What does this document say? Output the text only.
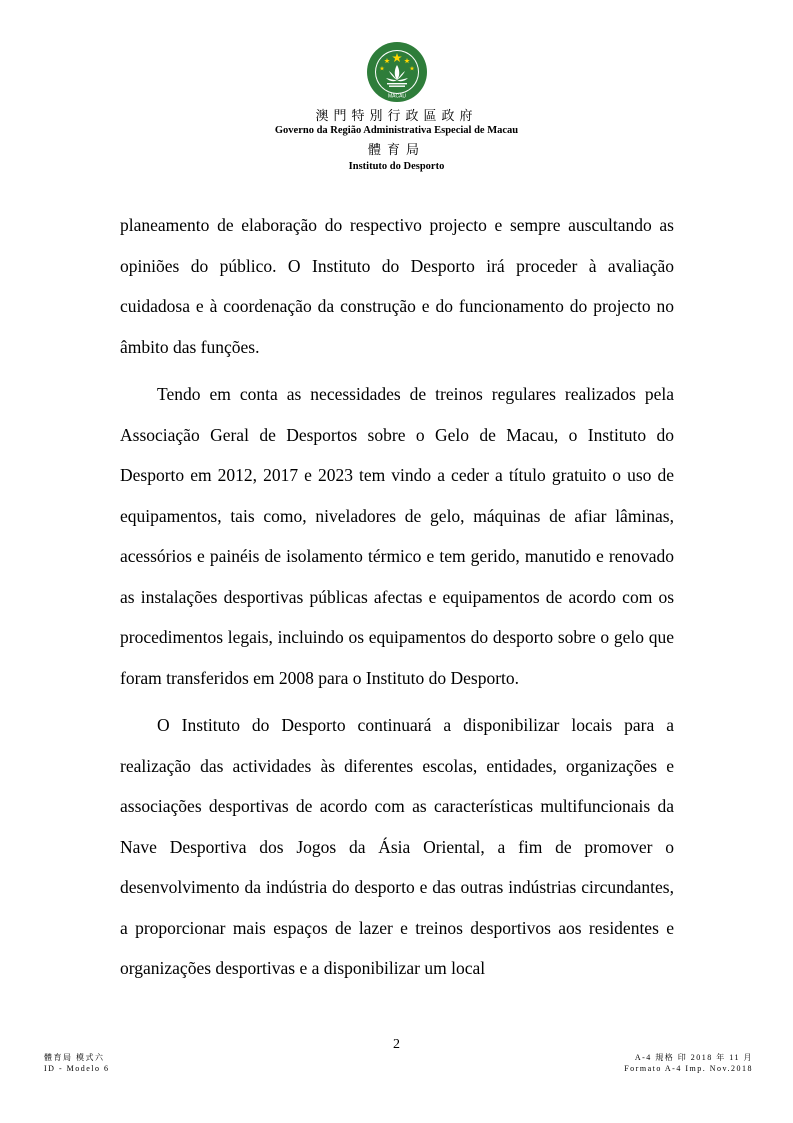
MACAU
澳門特別行政區政府
Governo da Região Administrativa Especial de Macau
體育局
Instituto do Desporto

planeamento de elaboração do respectivo projecto e sempre auscultando as opiniões do público. O Instituto do Desporto irá proceder à avaliação cuidadosa e à coordenação da construção e do funcionamento do projecto no âmbito das funções.

Tendo em conta as necessidades de treinos regulares realizados pela Associação Geral de Desportos sobre o Gelo de Macau, o Instituto do Desporto em 2012, 2017 e 2023 tem vindo a ceder a título gratuito o uso de equipamentos, tais como, niveladores de gelo, máquinas de afiar lâminas, acessórios e painéis de isolamento térmico e tem gerido, manutido e renovado as instalações desportivas públicas afectas e equipamentos de acordo com os procedimentos legais, incluindo os equipamentos do desporto sobre o gelo que foram transferidos em 2008 para o Instituto do Desporto.

O Instituto do Desporto continuará a disponibilizar locais para a realização das actividades às diferentes escolas, entidades, organizações e associações desportivas de acordo com as características multifuncionais da Nave Desportiva dos Jogos da Ásia Oriental, a fim de promover o desenvolvimento da indústria do desporto e das outras indústrias circundantes, a proporcionar mais espaços de lazer e treinos desportivos aos residentes e organizações desportivas e a disponibilizar um local

2
體育局 模式六
ID - Modelo 6
A-4 規格 印 2018 年 11 月
Formato A-4 Imp. Nov.2018
